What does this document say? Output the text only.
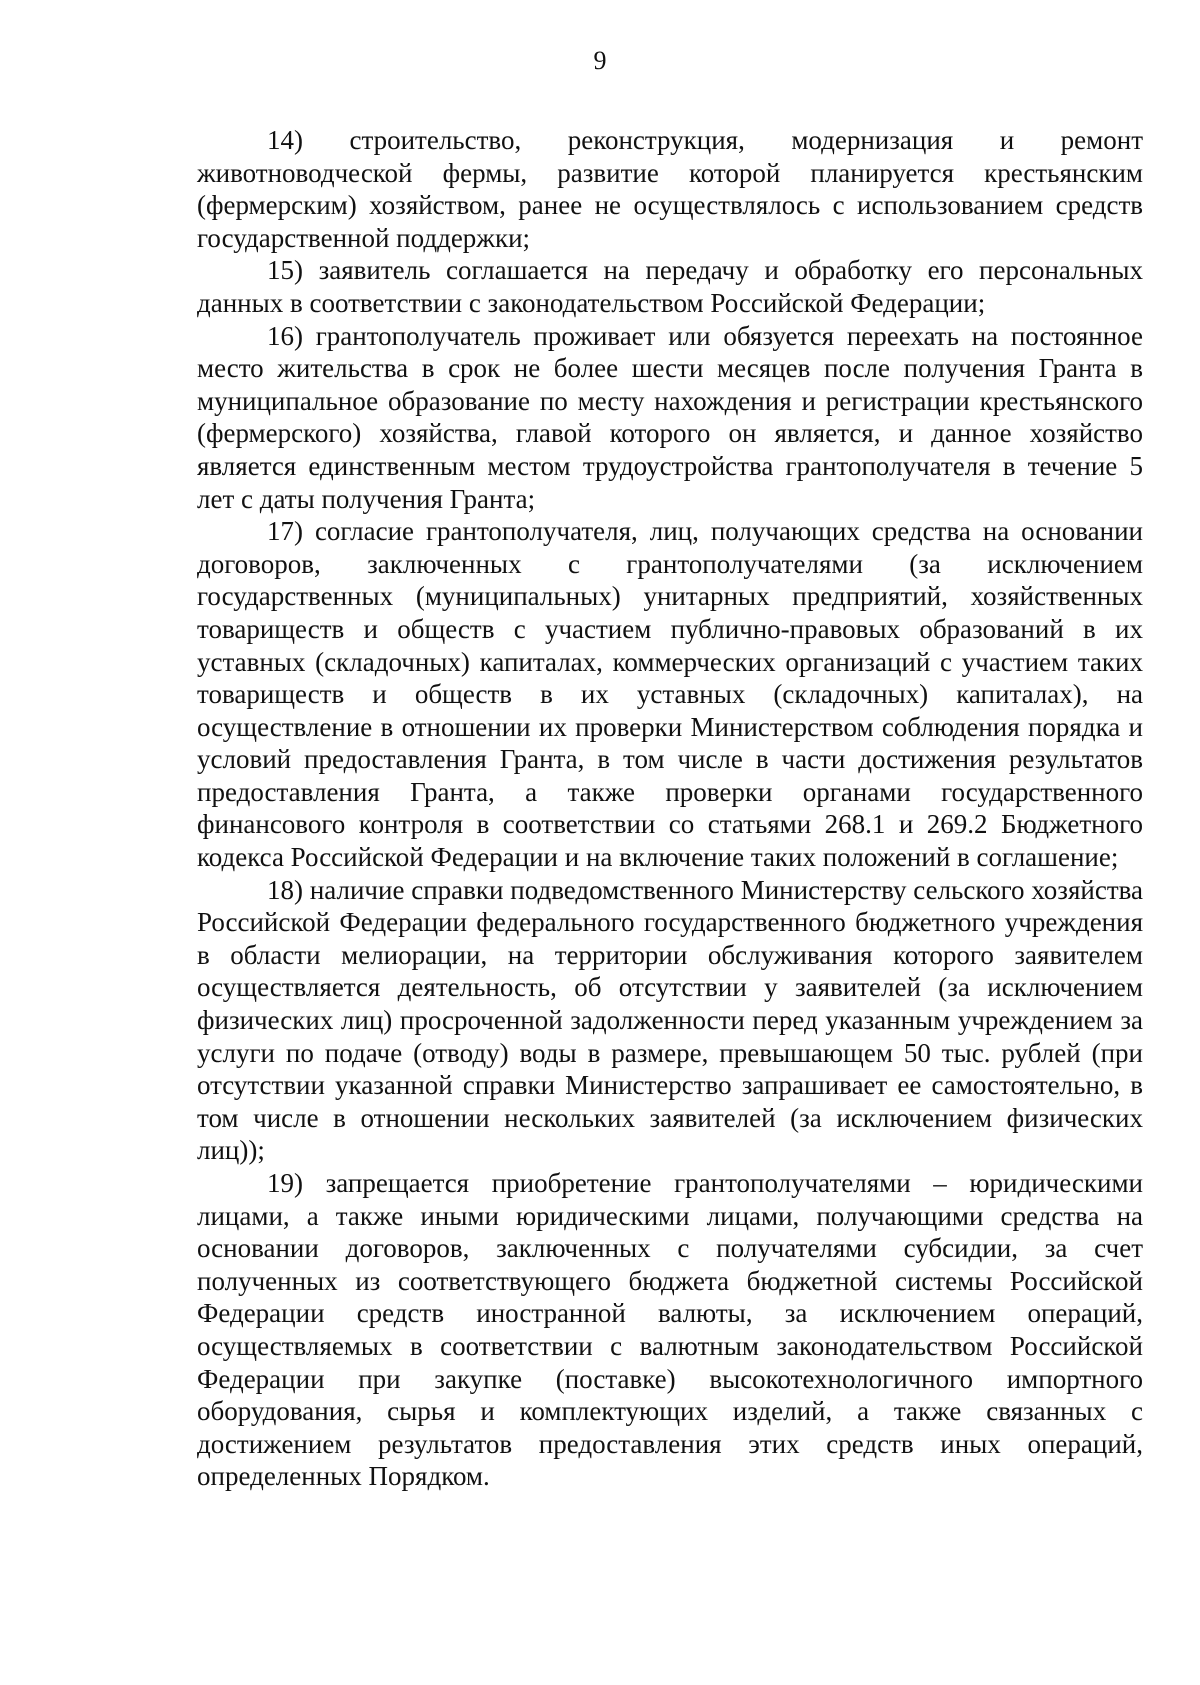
9

14) строительство, реконструкция, модернизация и ремонт животноводческой фермы, развитие которой планируется крестьянским (фермерским) хозяйством, ранее не осуществлялось с использованием средств государственной поддержки;

15) заявитель соглашается на передачу и обработку его персональных данных в соответствии с законодательством Российской Федерации;

16) грантополучатель проживает или обязуется переехать на постоянное место жительства в срок не более шести месяцев после получения Гранта в муниципальное образование по месту нахождения и регистрации крестьянского (фермерского) хозяйства, главой которого он является, и данное хозяйство является единственным местом трудоустройства грантополучателя в течение 5 лет с даты получения Гранта;

17) согласие грантополучателя, лиц, получающих средства на основании договоров, заключенных с грантополучателями (за исключением государственных (муниципальных) унитарных предприятий, хозяйственных товариществ и обществ с участием публично-правовых образований в их уставных (складочных) капиталах, коммерческих организаций с участием таких товариществ и обществ в их уставных (складочных) капиталах), на осуществление в отношении их проверки Министерством соблюдения порядка и условий предоставления Гранта, в том числе в части достижения результатов предоставления Гранта, а также проверки органами государственного финансового контроля в соответствии со статьями 268.1 и 269.2 Бюджетного кодекса Российской Федерации и на включение таких положений в соглашение;

18) наличие справки подведомственного Министерству сельского хозяйства Российской Федерации федерального государственного бюджетного учреждения в области мелиорации, на территории обслуживания которого заявителем осуществляется деятельность, об отсутствии у заявителей (за исключением физических лиц) просроченной задолженности перед указанным учреждением за услуги по подаче (отводу) воды в размере, превышающем 50 тыс. рублей (при отсутствии указанной справки Министерство запрашивает ее самостоятельно, в том числе в отношении нескольких заявителей (за исключением физических лиц));

19) запрещается приобретение грантополучателями – юридическими лицами, а также иными юридическими лицами, получающими средства на основании договоров, заключенных с получателями субсидии, за счет полученных из соответствующего бюджета бюджетной системы Российской Федерации средств иностранной валюты, за исключением операций, осуществляемых в соответствии с валютным законодательством Российской Федерации при закупке (поставке) высокотехнологичного импортного оборудования, сырья и комплектующих изделий, а также связанных с достижением результатов предоставления этих средств иных операций, определенных Порядком.
